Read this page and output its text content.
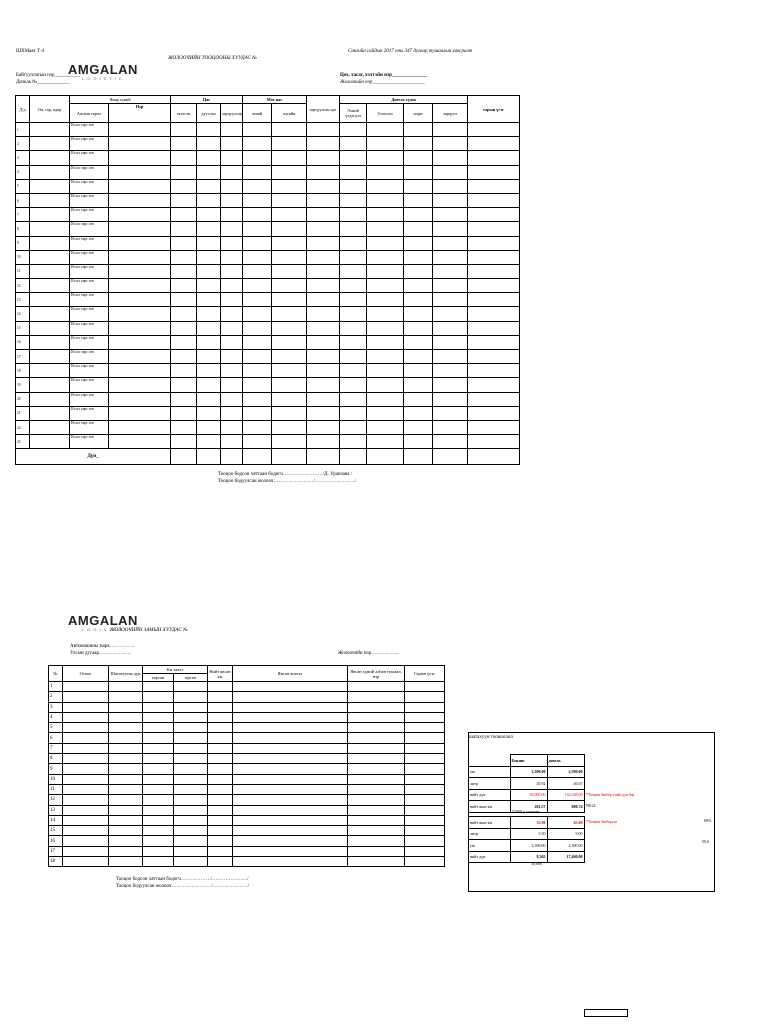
ШХМаяг Т-4	Сангийн сайдын 2017 оны 347 дугаар тушаалын хавсралт
ЖОЛООЧИЙН ТООЦООНЫ ХУУДАС №
AMGALAN
LOGISTIC
Байгууллагын нэр__________
Дизель №_____________
Цех, тасаг, хэлтэйн нэр______________
Жолоочийн нэр_____________________
Д/д	Он, сар, өдөр	Ямар хүний		Цаг			Мот цаг		зарцуулсан цаг	Дизель түлш				гарын үсэг
		Ажлын төрөл	Нэр	эхэлсэн	дууссан	зарцуулсан	эхний	эцсийн		Эхний үлдэгдэл	Олгосон	норм	зарцуул	
1		Ил ил хөрс зөө												
2		Ил ил хөрс зөө												
3		Ил ил хөрс зөө												
4		Ил ил хөрс зөө												
5		Ил ил хөрс зөө												
6		Ил ил хөрс зөө												
7		Ил ил хөрс зөө												
8		Ил ил хөрс зөө												
9		Ил ил хөрс зөө												
10		Ил ил хөрс зөө												
11		Ил ил хөрс зөө												
12		Ил ил хөрс зөө												
13		Ил ил хөрс зөө												
14		Ил ил хөрс зөө												
15		Ил ил хөрс зөө												
16		Ил ил хөрс зөө												
17		Ил ил хөрс зөө												
18		Ил ил хөрс зөө												
19		Ил ил хөрс зөө												
20		Ил ил хөрс зөө												
21		Ил ил хөрс зөө												
22		Ил ил хөрс зөө												
23		Ил ил хөрс зөө												
Дүн_														
Тооцоо бодсон хяттаан бодогч……………………/Д. Уранзаяа /
Тооцоо бодуулсан жолооч……………………/……………………/
AMGALAN
LOGISTIC
ЖОЛООЧИЙН ЗАМЫН ХУУДАС №
Автомашины марк……………
Улсын дугаар……………….	Жолоочийн нэр……………..
№	Огноо	Шатахууны дүн	Км заалт		Нийт явсан км	Явсан чиглэл	Явсан хүний албан тушаал, нэр	Гарын үсэг
			гарсан	ирсэн				
1								
2								
3								
4								
5								
6								
7								
8								
9								
10								
11								
12								
13								
14								
15								
16								
17								
18								
Тооцоо бодсон хяттаан бодогч………………/…………………/
Тооцоо бодуулсан жолооч……………………/…………………/
шатахуун тооцоолол
	Бензин	дизель	
ую	2,390.00	2,590.00	
литр	20.92	46.67	
нийт дүн	50,000.00	132,638.00	**Бензин Зөвбөр ухайн дүн бөр
нийт явах км	261.57	698.74	798.24
*1000 р тоңшин
нийт явах км	35.00	65.00	**Бензин Зөвбөр ын
литр	3.50	9.00	
ую	2,390.00	2,390.00	
нийт дүн	8,365	17,460.00	
30,000
60%
50.6
